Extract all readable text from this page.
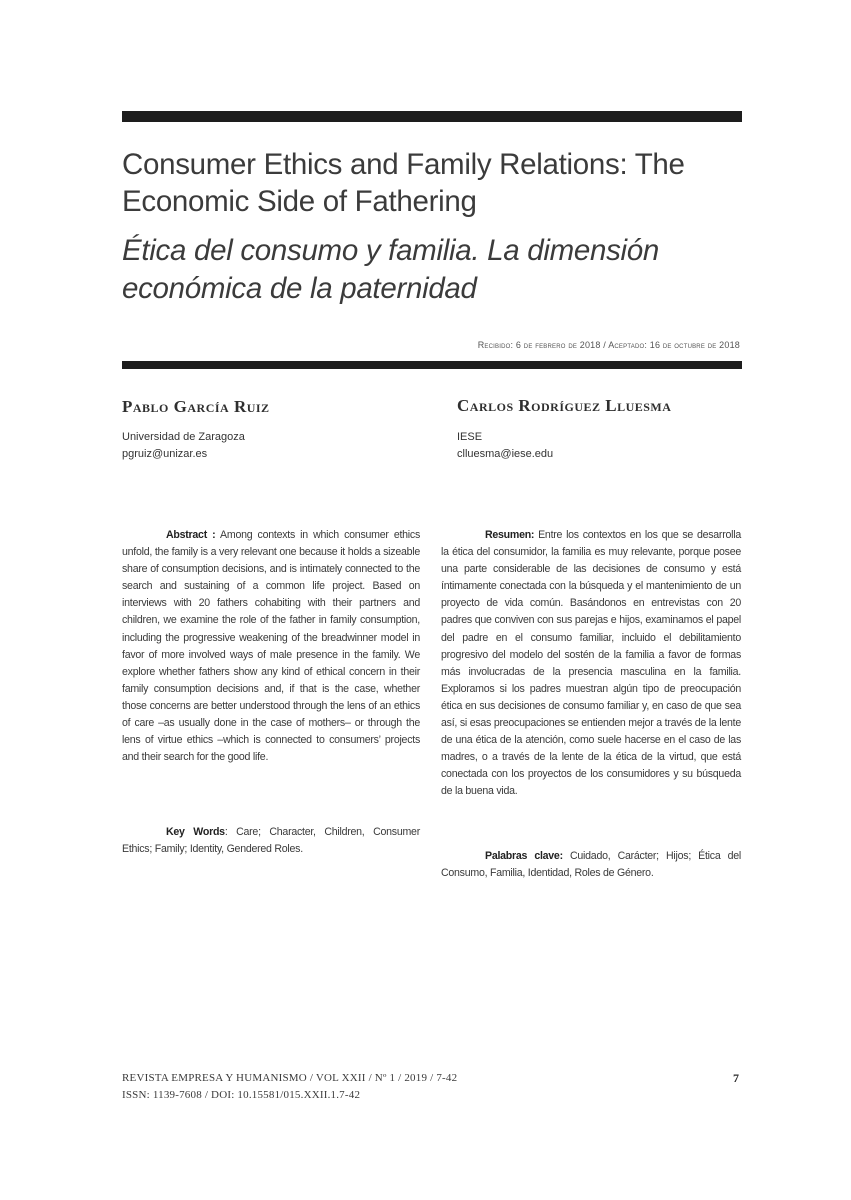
Consumer Ethics and Family Relations: The Economic Side of Fathering
Ética del consumo y familia. La dimensión económica de la paternidad
Recibido: 6 de febrero de 2018 / Aceptado: 16 de octubre de 2018
Pablo García Ruiz
Universidad de Zaragoza
pgruiz@unizar.es
Carlos Rodríguez Lluesma
IESE
clluesma@iese.edu

Abstract : Among contexts in which consumer ethics unfold, the family is a very relevant one because it holds a sizeable share of consumption decisions, and is intimately connected to the search and sustaining of a common life project. Based on interviews with 20 fathers cohabiting with their partners and children, we examine the role of the father in family consumption, including the progressive weakening of the breadwinner model in favor of more involved ways of male presence in the family. We explore whether fathers show any kind of ethical concern in their family consumption decisions and, if that is the case, whether those concerns are better understood through the lens of an ethics of care –as usually done in the case of mothers– or through the lens of virtue ethics –which is connected to consumers’ projects and their search for the good life.

Key Words: Care; Character, Children, Consumer Ethics; Family; Identity, Gendered Roles.

Resumen: Entre los contextos en los que se desarrolla la ética del consumidor, la familia es muy relevante, porque posee una parte considerable de las decisiones de consumo y está íntimamente conectada con la búsqueda y el mantenimiento de un proyecto de vida común. Basándonos en entrevistas con 20 padres que conviven con sus parejas e hijos, examinamos el papel del padre en el consumo familiar, incluido el debilitamiento progresivo del modelo del sostén de la familia a favor de formas más involucradas de la presencia masculina en la familia. Exploramos si los padres muestran algún tipo de preocupación ética en sus decisiones de consumo familiar y, en caso de que sea así, si esas preocupaciones se entienden mejor a través de la lente de una ética de la atención, como suele hacerse en el caso de las madres, o a través de la lente de la ética de la virtud, que está conectada con los proyectos de los consumidores y su búsqueda de la buena vida.

Palabras clave: Cuidado, Carácter; Hijos; Ética del Consumo, Familia, Identidad, Roles de Género.

REVISTA EMPRESA Y HUMANISMO / VOL XXII / Nº 1 / 2019 / 7-42
ISSN: 1139-7608 / DOI: 10.15581/015.XXII.1.7-42
7
